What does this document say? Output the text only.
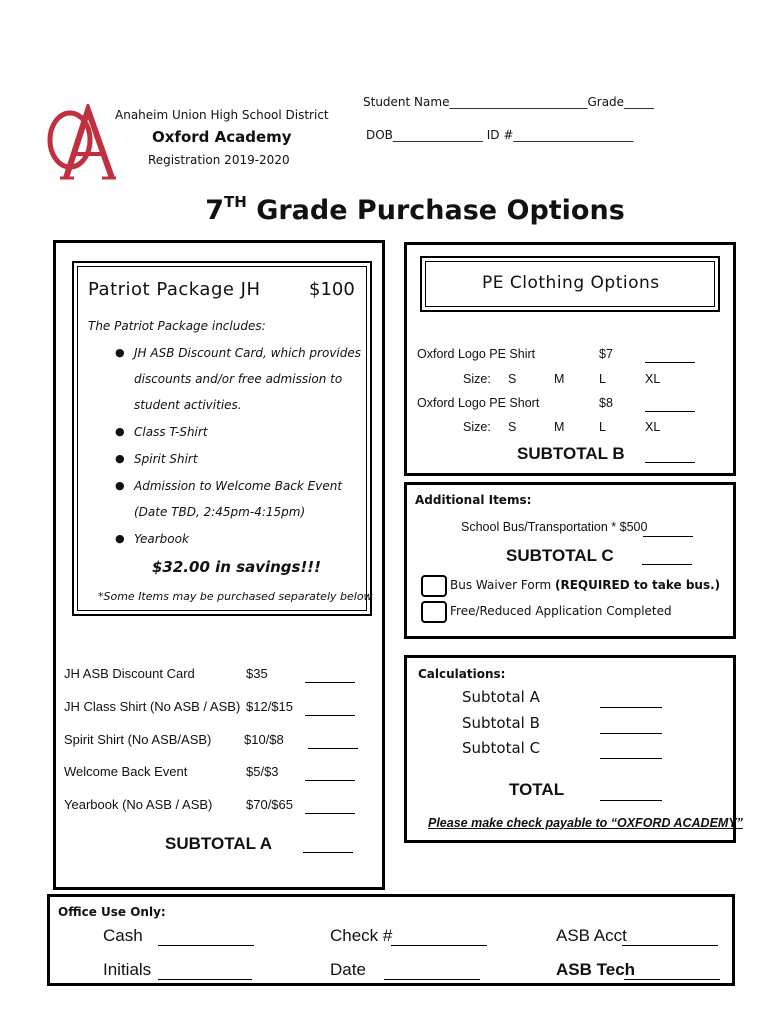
Anaheim Union High School District
Oxford Academy
Registration 2019-2020
Student Name_______________________Grade_____
DOB_______________ ID #____________________
7TH Grade Purchase Options
Patriot Package JH	$100
The Patriot Package includes:
● JH ASB Discount Card, which provides
discounts and/or free admission to
student activities.
● Class T-Shirt
● Spirit Shirt
● Admission to Welcome Back Event
(Date TBD, 2:45pm-4:15pm)
● Yearbook
$32.00 in savings!!!
*Some Items may be purchased separately below
JH ASB Discount Card	$35
JH Class Shirt (No ASB / ASB) $12/$15
Spirit Shirt (No ASB/ASB)	$10/$8
Welcome Back Event	$5/$3
Yearbook (No ASB / ASB)	$70/$65
SUBTOTAL A
PE Clothing Options
Oxford Logo PE Shirt	$7
Size: S	M	L	XL
Oxford Logo PE Short	$8
Size: S	M	L	XL
SUBTOTAL B
Additional Items:
School Bus/Transportation * $500
SUBTOTAL C
Bus Waiver Form (REQUIRED to take bus.)
Free/Reduced Application Completed
Calculations:
Subtotal A
Subtotal B
Subtotal C
TOTAL
Please make check payable to “OXFORD ACADEMY”
Office Use Only:
Cash	Check #	ASB Acct
Initials	Date	ASB Tech
